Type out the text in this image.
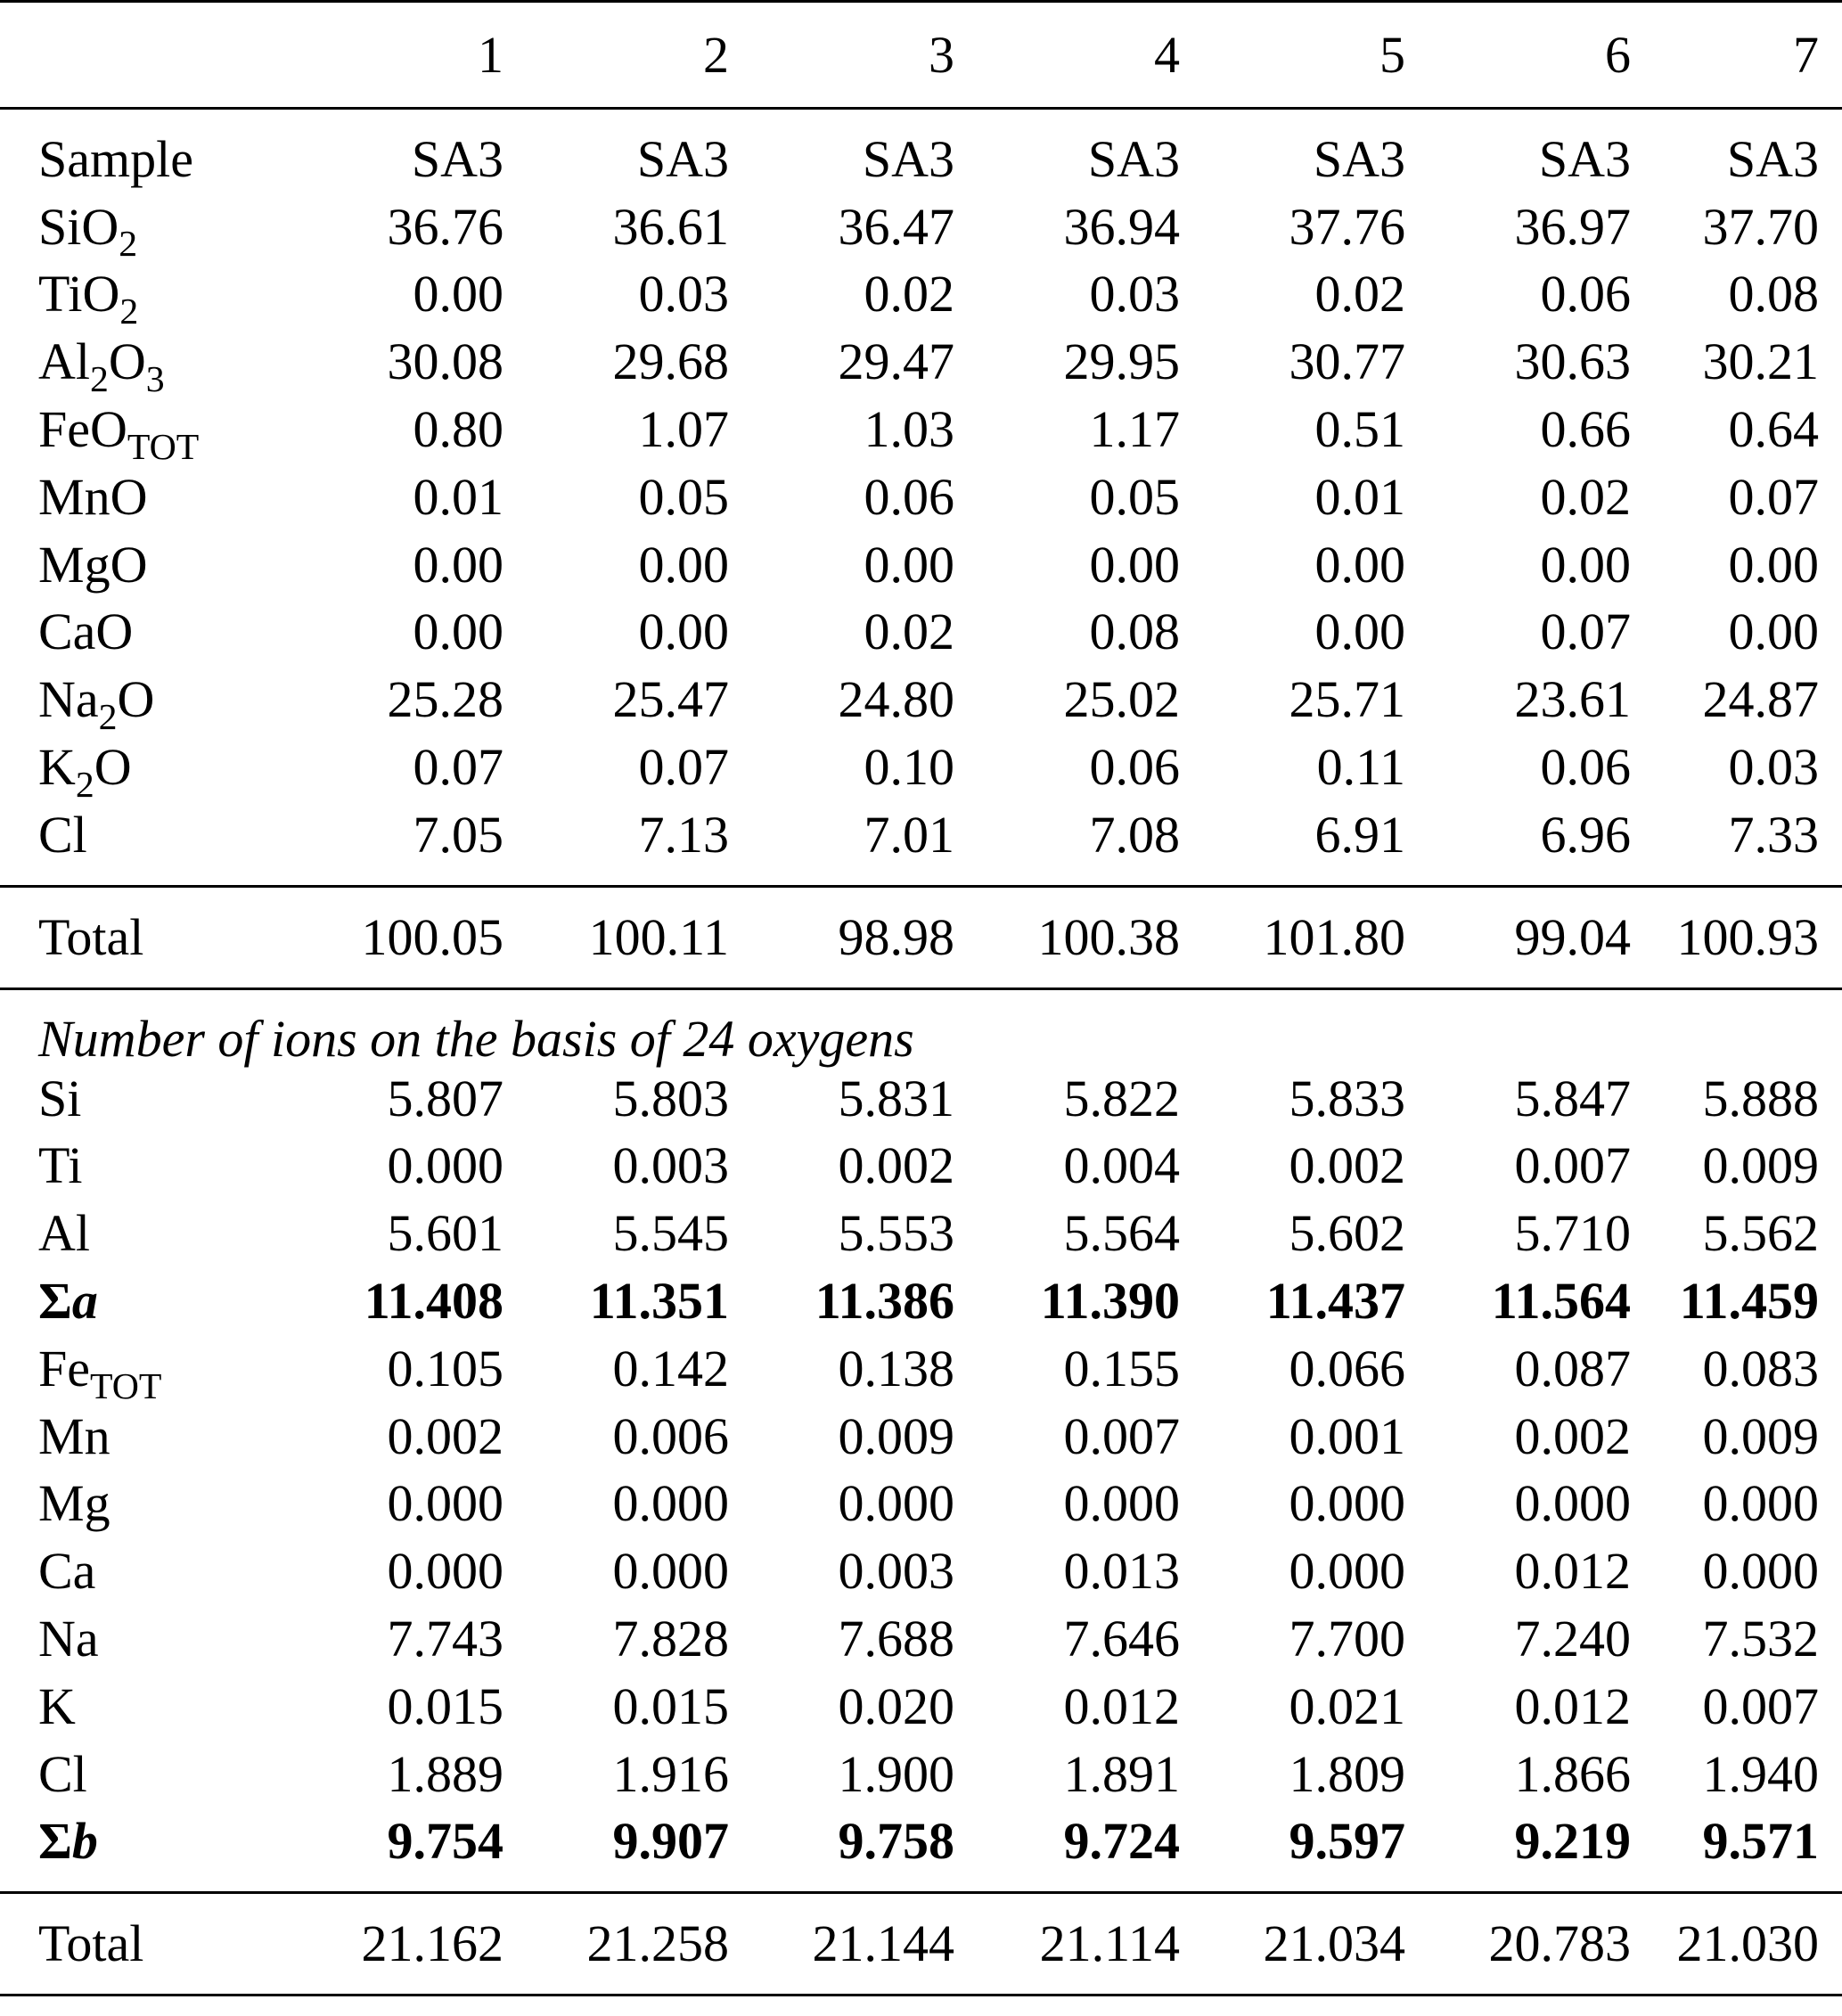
	1	2	3	4	5	6	7

Sample	SA3	SA3	SA3	SA3	SA3	SA3	SA3
SiO$_2$	36.76	36.61	36.47	36.94	37.76	36.97	37.70
TiO$_2$	0.00	0.03	0.02	0.03	0.02	0.06	0.08
$Al_2O_3$	30.08	29.68	29.47	29.95	30.77	30.63	30.21
FeO$_{TOT}$	0.80	1.07	1.03	1.17	0.51	0.66	0.64
MnO	0.01	0.05	0.06	0.05	0.01	0.02	0.07
MgO	0.00	0.00	0.00	0.00	0.00	0.00	0.00
CaO	0.00	0.00	0.02	0.08	0.00	0.07	0.00
$Na_2O$	25.28	25.47	24.80	25.02	25.71	23.61	24.87
$K_2O$	0.07	0.07	0.10	0.06	0.11	0.06	0.03
Cl	7.05	7.13	7.01	7.08	6.91	6.96	7.33

Total	100.05	100.11	98.98	100.38	101.80	99.04	100.93
Number of ions on the basis of 24 oxygens							
Si	5.807	5.803	5.831	5.822	5.833	5.847	5.888
Ti	0.000	0.003	0.002	0.004	0.002	0.007	0.009
Al	5.601	5.545	5.553	5.564	5.602	5.710	5.562
Σa	11.408	11.351	11.386	11.390	11.437	11.564	11.459
$Fe_{TOT}$	0.105	0.142	0.138	0.155	0.066	0.087	0.083
Mn	0.002	0.006	0.009	0.007	0.001	0.002	0.009
Mg	0.000	0.000	0.000	0.000	0.000	0.000	0.000
Ca	0.000	0.000	0.003	0.013	0.000	0.012	0.000
Na	7.743	7.828	7.688	7.646	7.700	7.240	7.532
K	0.015	0.015	0.020	0.012	0.021	0.012	0.007
Cl	1.889	1.916	1.900	1.891	1.809	1.866	1.940
Σb	9.754	9.907	9.758	9.724	9.597	9.219	9.571

Total	21.162	21.258	21.144	21.114	21.034	20.783	21.030
